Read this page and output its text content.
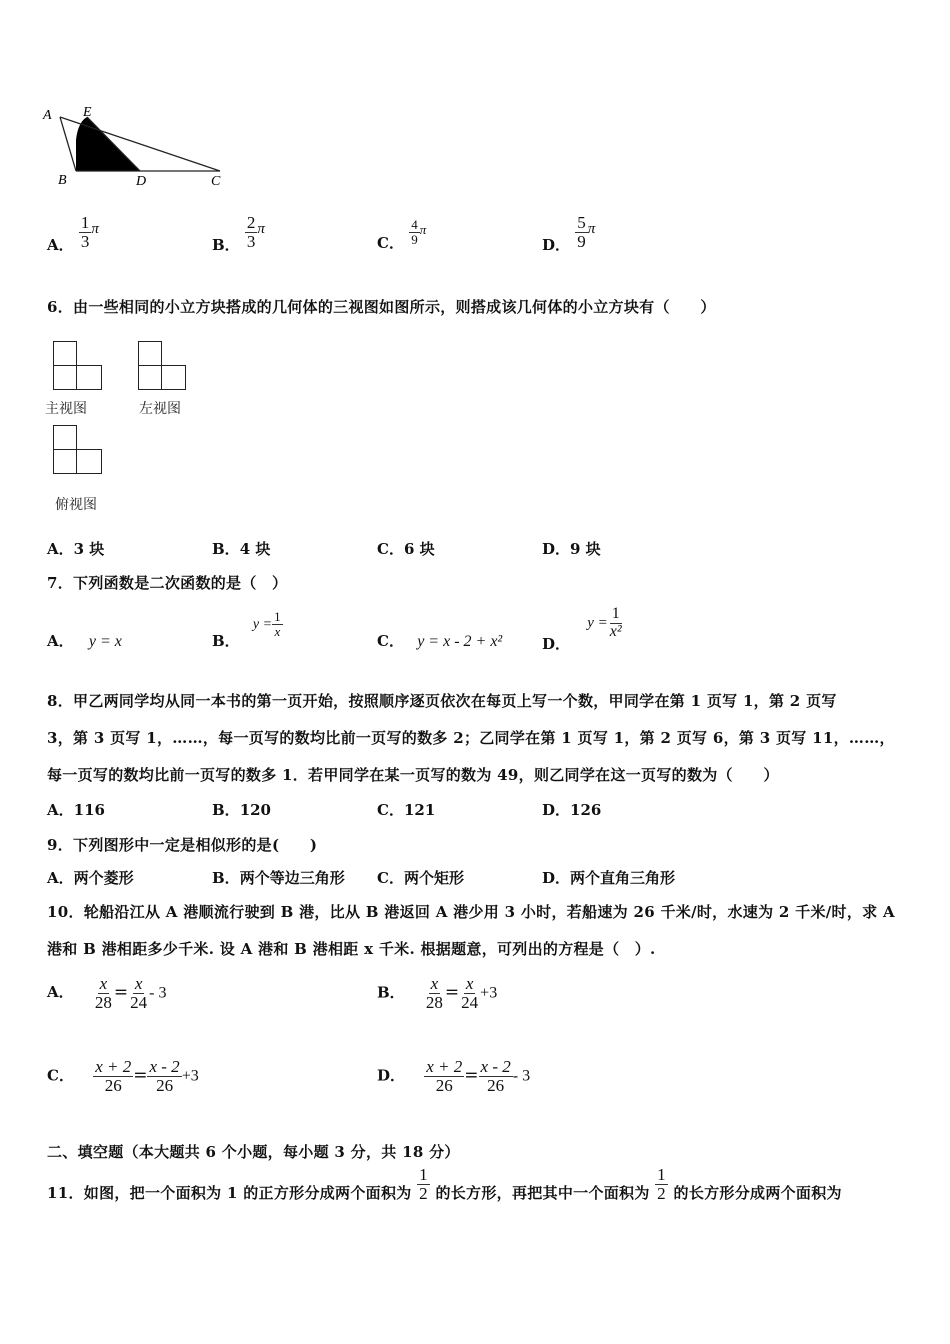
A E
B	D	C
A． $\frac{1}{3}$ π
B． $\frac{2}{3}$ π
C． $\frac{4}{9}$ π
D． $\frac{5}{9}$ π
6．由一些相同的小立方块搭成的几何体的三视图如图所示，则搭成该几何体的小立方块有（　　）
主视图	左视图
俯视图
A．3 块	B．4 块	C．6 块	D．9 块
7．下列函数是二次函数的是（　）
A． y = x	B． $y = \frac{1}{x}$
C． y = x - 2 + x²	D． $y = \frac{1}{\text{x²}}$
8．甲乙两同学均从同一本书的第一页开始，按照顺序逐页依次在每页上写一个数，甲同学在第 1 页写 1，第 2 页写
3，第 3 页写 1，……，每一页写的数均比前一页写的数多 2；乙同学在第 1 页写 1，第 2 页写 6，第 3 页写 11，……，
每一页写的数均比前一页写的数多 1．若甲同学在某一页写的数为 49，则乙同学在这一页写的数为（　　）
A．116	B．120	C．121	D．126
9．下列图形中一定是相似形的是(　　)
A．两个菱形	B．两个等边三角形 C．两个矩形	D．两个直角三角形
10．轮船沿江从 A 港顺流行驶到 B 港，比从 B 港返回 A 港少用 3 小时，若船速为 26 千米/时，水速为 2 千米/时，求 A
港和 B 港相距多少千米. 设 A 港和 B 港相距 x 千米. 根据题意，可列出的方程是（　）.
A． $\frac{x}{28} = \frac{x}{24} - 3$	B． $\frac{x}{28} = \frac{x}{24} +3$
C． $\frac{x + 2}{26} = \frac{x - 2}{26} +3$	D． $\frac{x + 2}{26} = \frac{x - 2}{26} - 3$
二、填空题（本大题共 6 个小题，每小题 3 分，共 18 分）
11．如图，把一个面积为 1 的正方形分成两个面积为 $\frac{1}{2}$ 的长方形，再把其中一个面积为 $\frac{1}{2}$ 的长方形分成两个面积为
